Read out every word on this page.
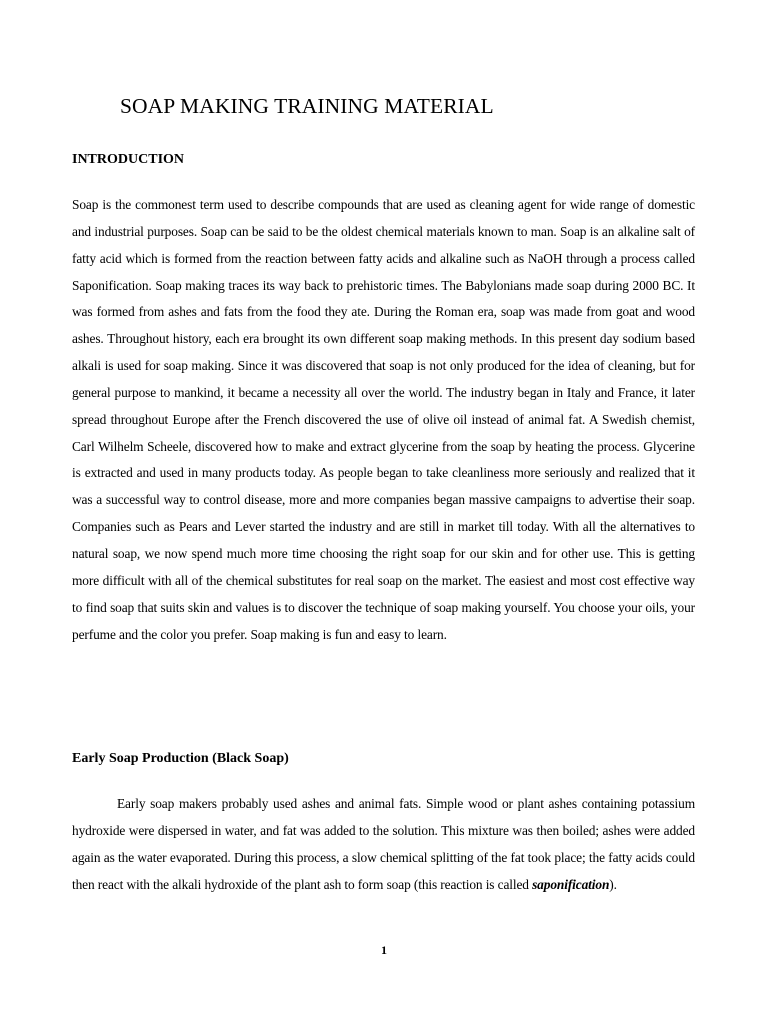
SOAP MAKING TRAINING MATERIAL
INTRODUCTION

Soap is the commonest term used to describe compounds that are used as cleaning agent for wide range of domestic and industrial purposes. Soap can be said to be the oldest chemical materials known to man. Soap is an alkaline salt of fatty acid which is formed from the reaction between fatty acids and alkaline such as NaOH through a process called Saponification. Soap making traces its way back to prehistoric times. The Babylonians made soap during 2000 BC. It was formed from ashes and fats from the food they ate. During the Roman era, soap was made from goat and wood ashes. Throughout history, each era brought its own different soap making methods. In this present day sodium based alkali is used for soap making. Since it was discovered that soap is not only produced for the idea of cleaning, but for general purpose to mankind, it became a necessity all over the world. The industry began in Italy and France, it later spread throughout Europe after the French discovered the use of olive oil instead of animal fat. A Swedish chemist, Carl Wilhelm Scheele, discovered how to make and extract glycerine from the soap by heating the process. Glycerine is extracted and used in many products today. As people began to take cleanliness more seriously and realized that it was a successful way to control disease, more and more companies began massive campaigns to advertise their soap. Companies such as Pears and Lever started the industry and are still in market till today. With all the alternatives to natural soap, we now spend much more time choosing the right soap for our skin and for other use. This is getting more difficult with all of the chemical substitutes for real soap on the market. The easiest and most cost effective way to find soap that suits skin and values is to discover the technique of soap making yourself. You choose your oils, your perfume and the color you prefer. Soap making is fun and easy to learn.

Early Soap Production (Black Soap)

Early soap makers probably used ashes and animal fats. Simple wood or plant ashes containing potassium hydroxide were dispersed in water, and fat was added to the solution. This mixture was then boiled; ashes were added again as the water evaporated. During this process, a slow chemical splitting of the fat took place; the fatty acids could then react with the alkali hydroxide of the plant ash to form soap (this reaction is called saponification).

1
